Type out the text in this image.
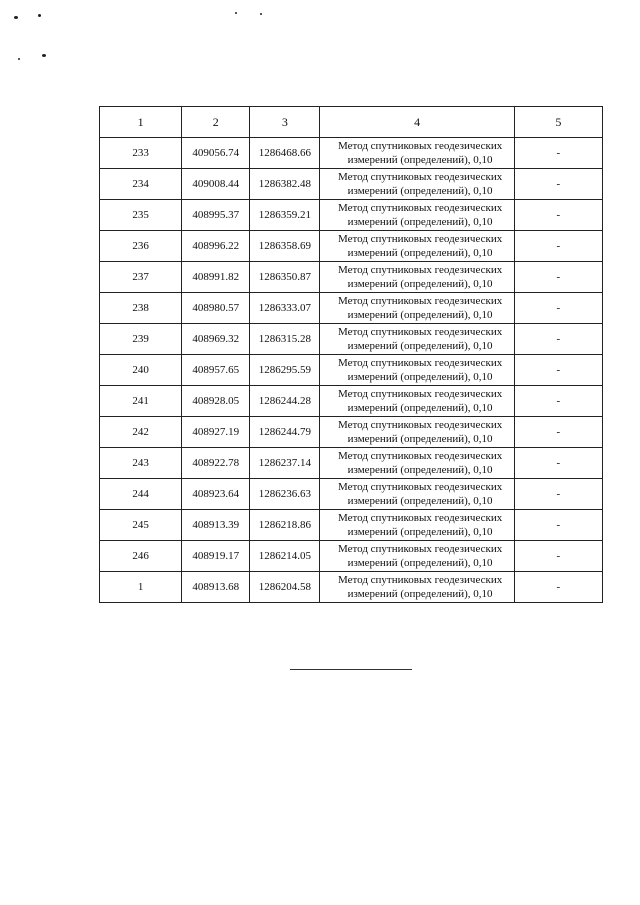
1	2	3	4	5
233	409056.74	1286468.66	Метод спутниковых геодезических
измерений (определений), 0,10	-
234	409008.44	1286382.48	Метод спутниковых геодезических
измерений (определений), 0,10	-
235	408995.37	1286359.21	Метод спутниковых геодезических
измерений (определений), 0,10	-
236	408996.22	1286358.69	Метод спутниковых геодезических
измерений (определений), 0,10	-
237	408991.82	1286350.87	Метод спутниковых геодезических
измерений (определений), 0,10	-
238	408980.57	1286333.07	Метод спутниковых геодезических
измерений (определений), 0,10	-
239	408969.32	1286315.28	Метод спутниковых геодезических
измерений (определений), 0,10	-
240	408957.65	1286295.59	Метод спутниковых геодезических
измерений (определений), 0,10	-
241	408928.05	1286244.28	Метод спутниковых геодезических
измерений (определений), 0,10	-
242	408927.19	1286244.79	Метод спутниковых геодезических
измерений (определений), 0,10	-
243	408922.78	1286237.14	Метод спутниковых геодезических
измерений (определений), 0,10	-
244	408923.64	1286236.63	Метод спутниковых геодезических
измерений (определений), 0,10	-
245	408913.39	1286218.86	Метод спутниковых геодезических
измерений (определений), 0,10	-
246	408919.17	1286214.05	Метод спутниковых геодезических
измерений (определений), 0,10	-
1	408913.68	1286204.58	Метод спутниковых геодезических
измерений (определений), 0,10	-
